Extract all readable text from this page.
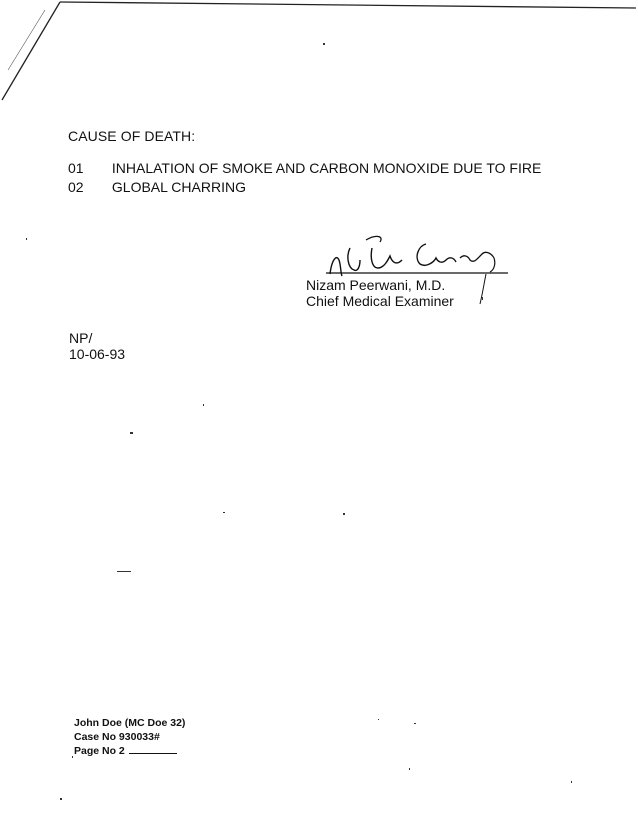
CAUSE OF DEATH:
01 INHALATION OF SMOKE AND CARBON MONOXIDE DUE TO FIRE
02 GLOBAL CHARRING
Nizam Peerwani, M.D.
Chief Medical Examiner
NP/
10-06-93
John Doe (MC Doe 32)
Case No 930033#
Page No 2
